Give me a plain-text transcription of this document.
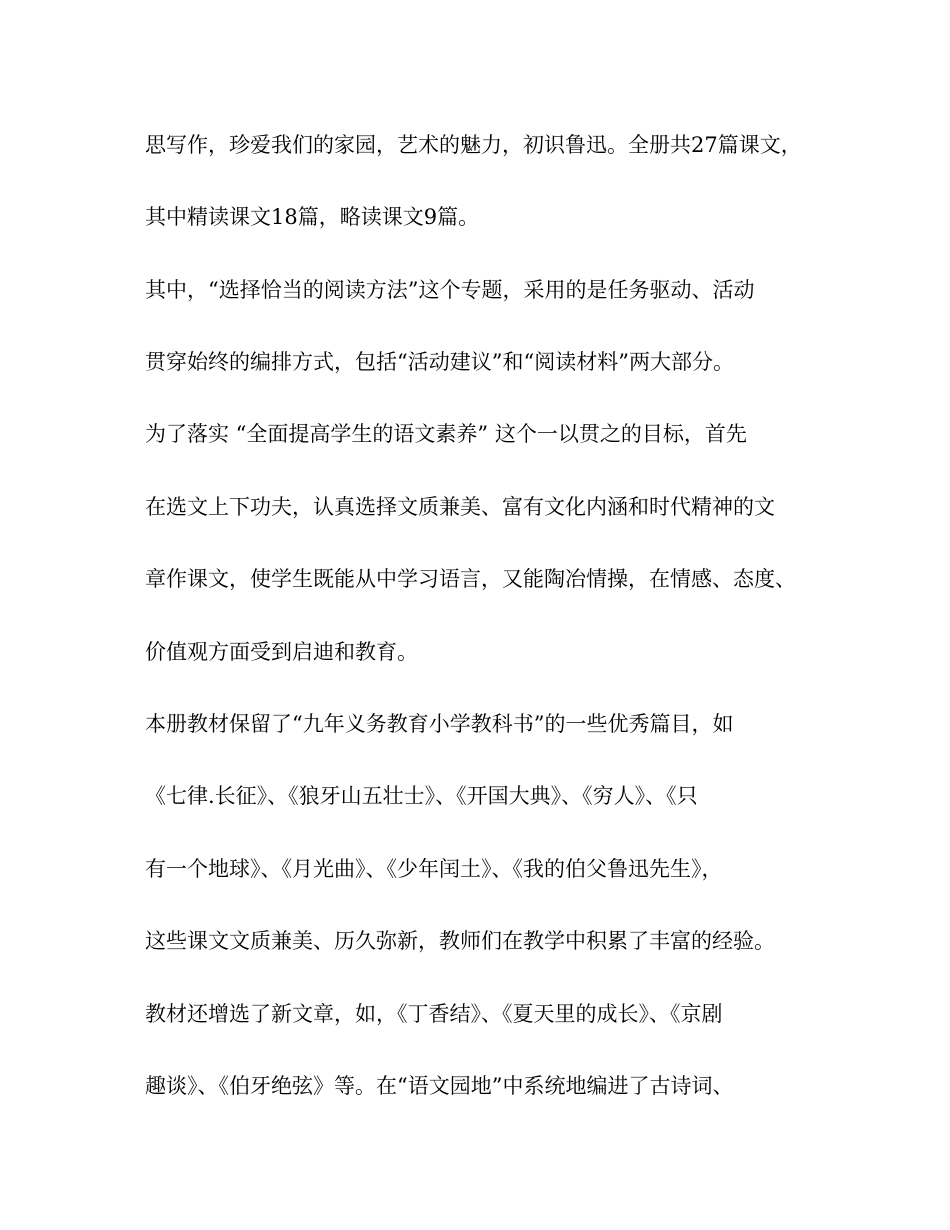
思写作，珍爱我们的家园，艺术的魅力，初识鲁迅。全册共27篇课文，
其中精读课文18篇，略读课文9篇。
其中，“选择恰当的阅读方法”这个专题，采用的是任务驱动、活动
贯穿始终的编排方式，包括“活动建议”和“阅读材料”两大部分。
为了落实 “全面提高学生的语文素养” 这个一以贯之的目标，首先
在选文上下功夫，认真选择文质兼美、富有文化内涵和时代精神的文
章作课文，使学生既能从中学习语言，又能陶冶情操，在情感、态度、
价值观方面受到启迪和教育。
本册教材保留了“九年义务教育小学教科书”的一些优秀篇目，如
《七律.长征》、《狼牙山五壮士》、《开国大典》、《穷人》、《只
有一个地球》、《月光曲》、《少年闰土》、《我的伯父鲁迅先生》，
这些课文文质兼美、历久弥新，教师们在教学中积累了丰富的经验。
教材还增选了新文章，如，《丁香结》、《夏天里的成长》、《京剧
趣谈》、《伯牙绝弦》等。在“语文园地”中系统地编进了古诗词、
